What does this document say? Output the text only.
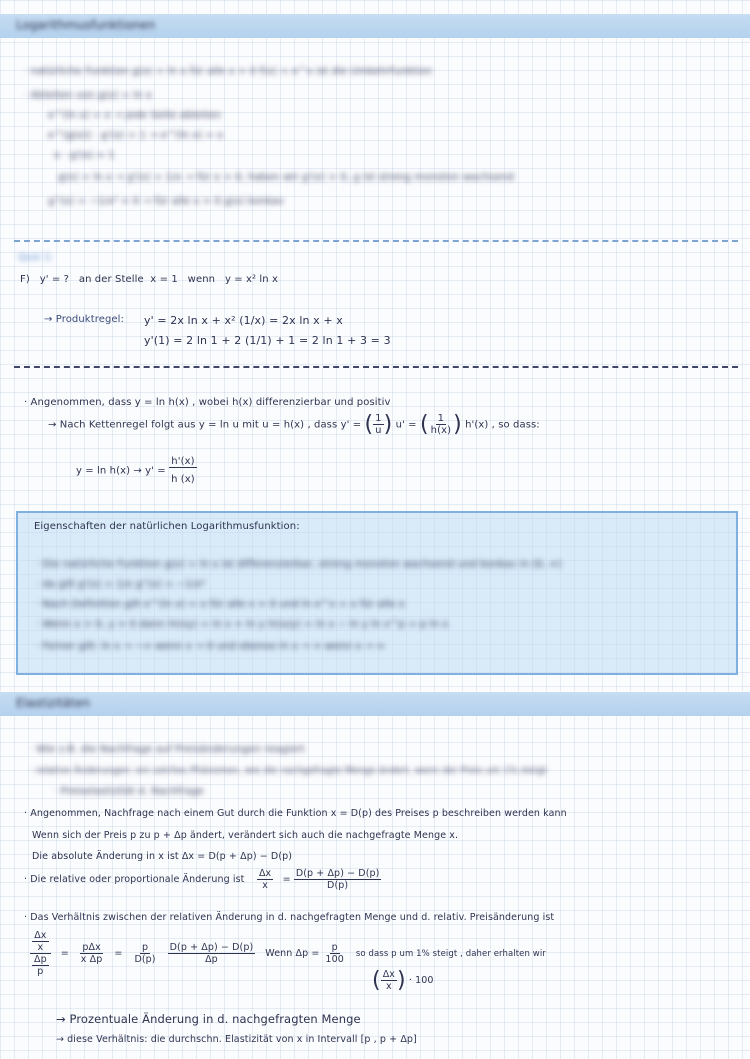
Logarithmusfunktionen
· natürliche Funktion g(x) = ln x für alle x > 0 f(x) = e^x ist die Umkehrfunktion
· Ableiten von g(x) = ln x
e^(ln x) = x → jede Seite ableiten
e^(g(x)) · g'(x) = 1 → e^(ln x) = x
x · g'(x) = 1
g(x) = ln x → g'(x) = 1/x → für x > 0, haben wir g'(x) > 0, g ist streng monoton wachsend
g''(x) = −1/x² < 0 → für alle x > 0 g(x) konkav
Quiz 1:
F) y' = ? an der Stelle x = 1 wenn y = x² ln x
→ Produktregel: y' = 2x ln x + x² (1/x) = 2x ln x + x
y'(1) = 2 ln 1 + 2 (1/1) + 1 = 2 ln 1 + 3 = 3
· Angenommen, dass y = ln h(x) , wobei h(x) differenzierbar und positiv
→ Nach Kettenregel folgt aus y = ln u mit u = h(x) , dass y' = ( $\frac{1}{u}$ ) u' = ( $\frac{1}{h(x)}$ ) h'(x) , so dass:
$y = \ln h(x) \to y' = \frac{h'(x)}{h (x)}$
Eigenschaften der natürlichen Logarithmusfunktion:
· Die natürliche Funktion g(x) = ln x ist differenzierbar, streng monoton wachsend und konkav in (0, ∞)
· da gilt g'(x) = 1/x g''(x) = −1/x²
· Nach Definition gilt e^(ln x) = x für alle x > 0 und ln e^x = x für alle x
· Wenn x > 0, y > 0 dann ln(xy) = ln x + ln y ln(x/y) = ln x − ln y ln x^p = p ln x
· Ferner gilt: ln x → −∞ wenn x → 0 und ebenso ln x → ∞ wenn x → ∞
Elastizitäten
· Wie z.B. die Nachfrage auf Preisänderungen reagiert
· relative Änderungen: ein solches Phänomen, wie die nachgefragte Menge ändert, wenn der Preis um 1% steigt
· Preiselastizität d. Nachfrage
· Angenommen, Nachfrage nach einem Gut durch die Funktion x = D(p) des Preises p beschreiben werden kann
Wenn sich der Preis p zu p + Δp ändert, verändert sich auch die nachgefragte Menge x.
Die absolute Änderung in x ist Δx = D(p + Δp) − D(p)
· Die relative oder proportionale Änderung ist $\frac{\Delta x}{x} = \frac{D(p + \Delta p) - D(p)}{D(p)}$
· Das Verhältnis zwischen der relativen Änderung in d. nachgefragten Menge und d. relativ. Preisänderung ist
$\frac{\frac{\Delta x}{x}}{\frac{\Delta p}{p}} = \frac{\text{pΔx}}{\text{x Δp}} = \frac{p}{D(p)} \frac{D(p + \Delta p) - D(p)}{\Delta p}$ Wenn $\Delta p = \frac{p}{100}$ so dass p um 1% steigt , daher erhalten wir
( $\frac{\Delta x}{x}$ ) · 100
→ Prozentuale Änderung in d. nachgefragten Menge
→ diese Verhältnis: die durchschn. Elastizität von x in Intervall [p , p + Δp]
